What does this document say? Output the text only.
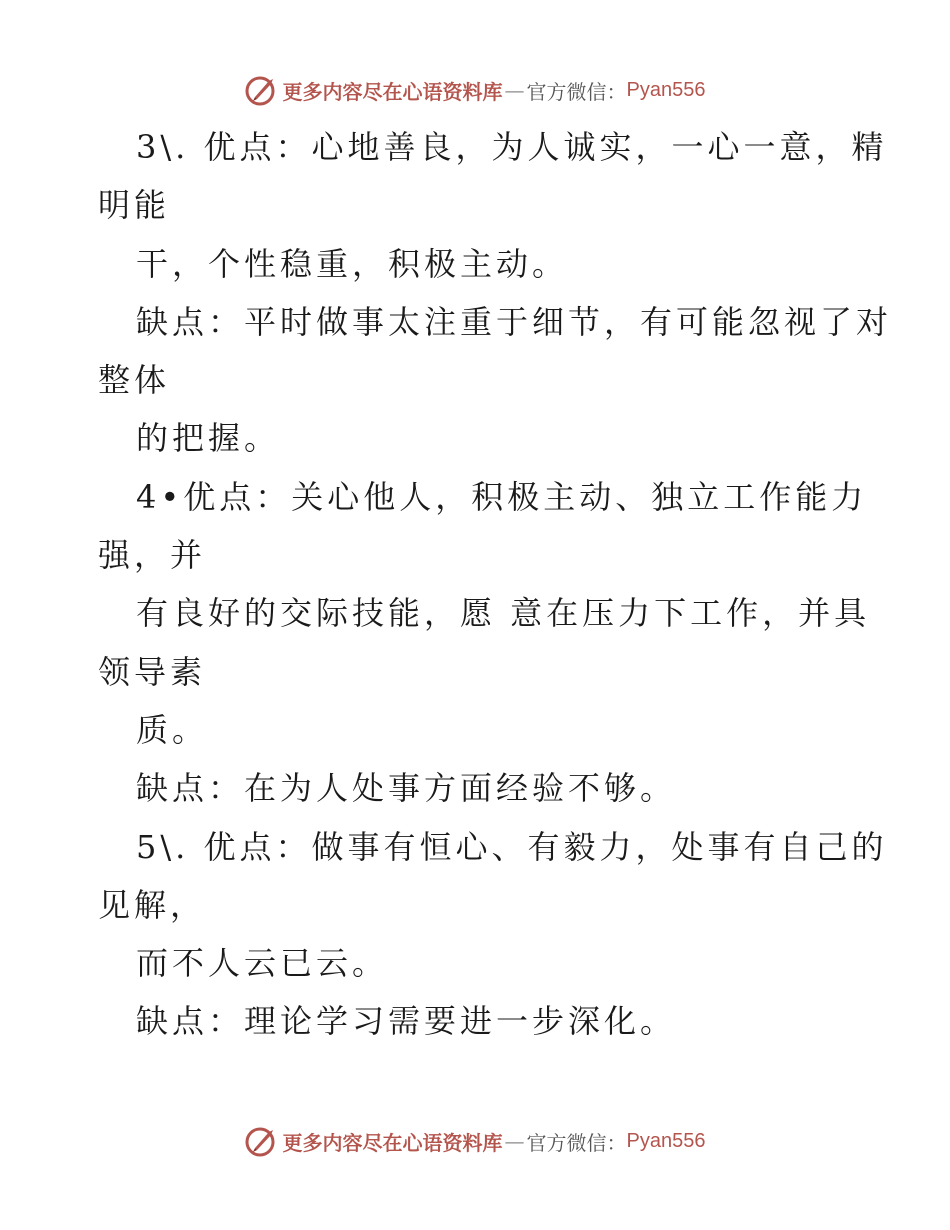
更多内容尽在心语资料库 — 官方微信： Pyan556
3\. 优点：心地善良，为人诚实，一心一意，精
明能
干，个性稳重，积极主动。
缺点：平时做事太注重于细节，有可能忽视了对
整体
的把握。
4•优点：关心他人，积极主动、独立工作能力
强，并
有良好的交际技能，愿 意在压力下工作，并具
领导素
质。
缺点：在为人处事方面经验不够。
5\. 优点：做事有恒心、有毅力，处事有自己的
见解，
而不人云已云。
缺点：理论学习需要进一步深化。
更多内容尽在心语资料库 — 官方微信： Pyan556
